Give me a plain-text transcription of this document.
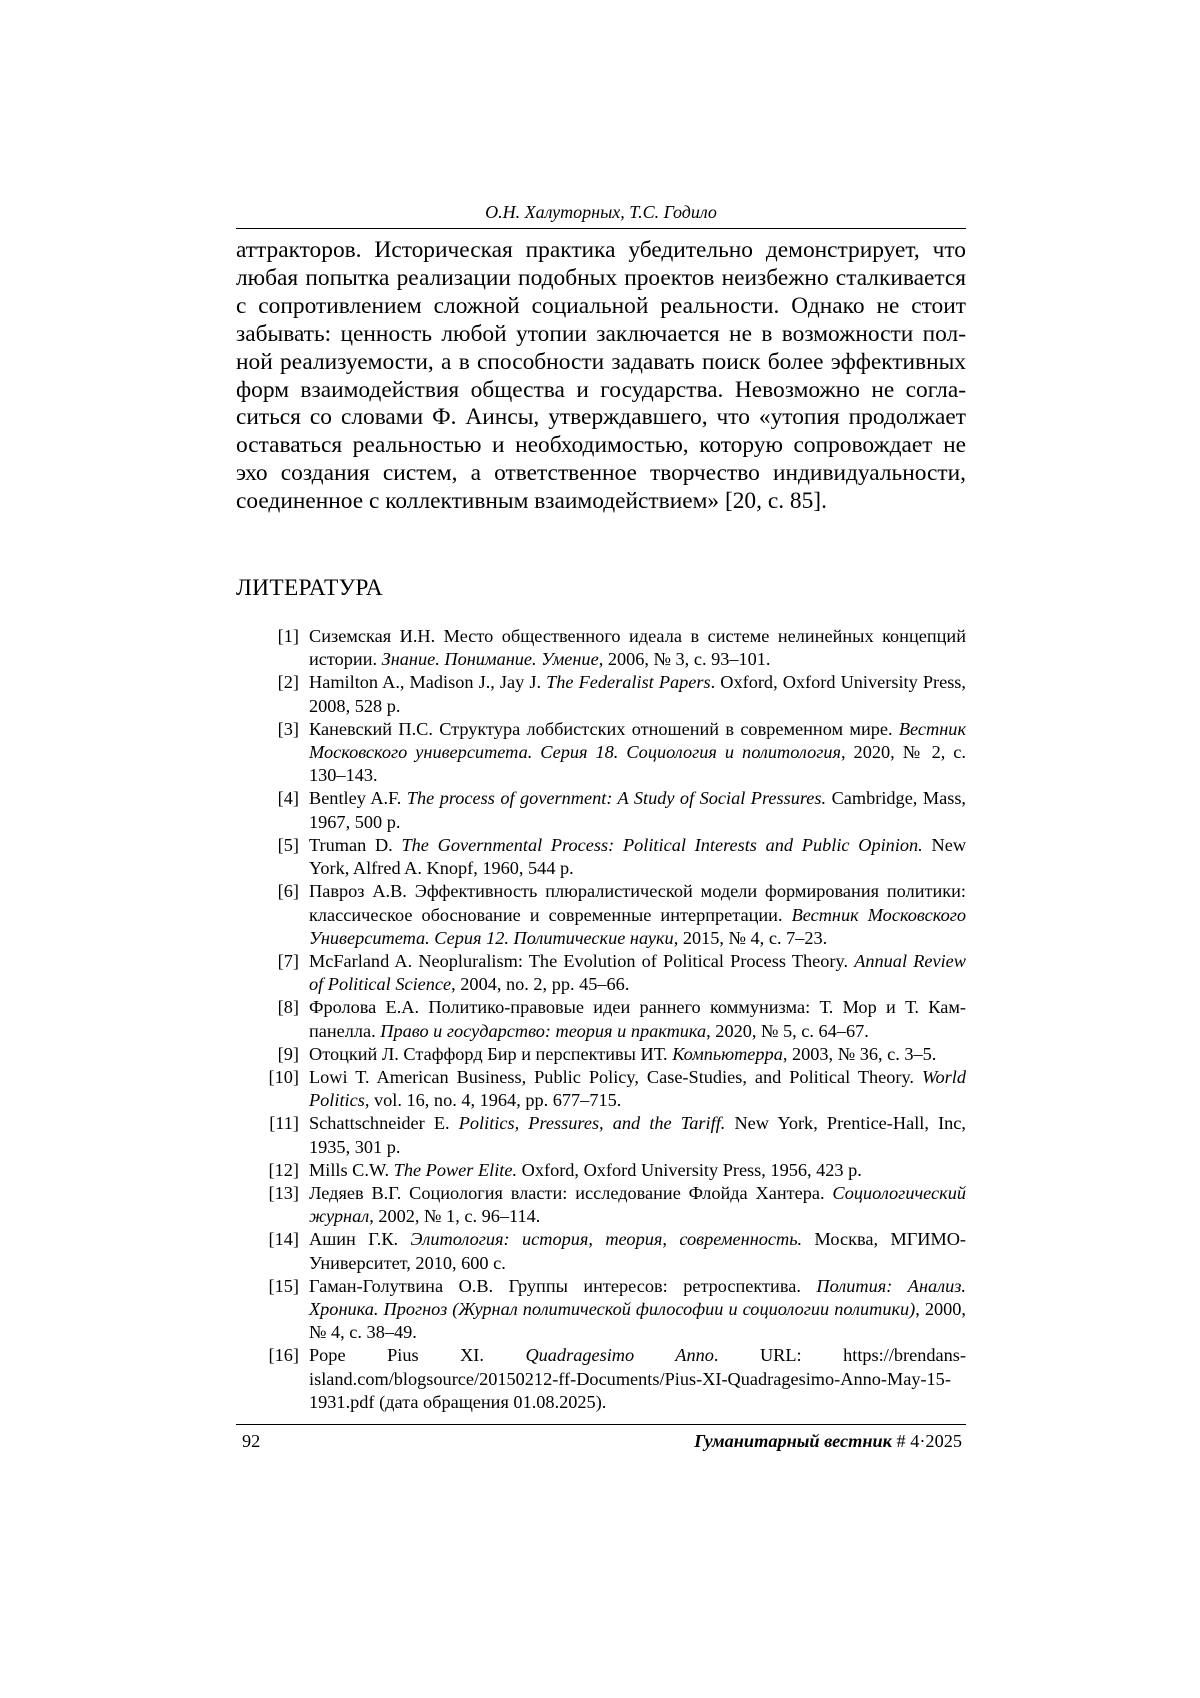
О.Н. Халуторных, Т.С. Годило

аттракторов. Историческая практика убедительно демонстрирует, что любая попытка реализации подобных проектов неизбежно сталкивается с сопротивлением сложной социальной реальности. Однако не стоит забывать: ценность любой утопии заключается не в возможности полной реализуемости, а в способности задавать поиск более эффективных форм взаимодействия общества и государства. Невозможно не согласиться со словами Ф. Аинсы, утверждавшего, что «утопия продолжает оставаться реальностью и необходимостью, которую сопровождает не эхо создания систем, а ответственное творчество индивидуальности, соединенное с коллективным взаимодействием» [20, с. 85].

ЛИТЕРАТУРА
[1] Сиземская И.Н. Место общественного идеала в системе нелинейных концепций истории. Знание. Понимание. Умение, 2006, № 3, с. 93–101.
[2] Hamilton A., Madison J., Jay J. The Federalist Papers. Oxford, Oxford University Press, 2008, 528 p.
[3] Каневский П.С. Структура лоббистских отношений в современном мире. Вестник Московского университета. Серия 18. Социология и политология, 2020, № 2, с. 130–143.
[4] Bentley A.F. The process of government: A Study of Social Pressures. Cambridge, Mass, 1967, 500 p.
[5] Truman D. The Governmental Process: Political Interests and Public Opinion. New York, Alfred A. Knopf, 1960, 544 p.
[6] Павроз А.В. Эффективность плюралистической модели формирования политики: классическое обоснование и современные интерпретации. Вестник Московского Университета. Серия 12. Политические науки, 2015, № 4, с. 7–23.
[7] McFarland A. Neopluralism: The Evolution of Political Process Theory. Annual Review of Political Science, 2004, no. 2, pp. 45–66.
[8] Фролова Е.А. Политико-правовые идеи раннего коммунизма: Т. Мор и Т. Кампанелла. Право и государство: теория и практика, 2020, № 5, с. 64–67.
[9] Отоцкий Л. Стаффорд Бир и перспективы ИТ. Компьютерра, 2003, № 36, с. 3–5.
[10] Lowi T. American Business, Public Policy, Case-Studies, and Political Theory. World Politics, vol. 16, no. 4, 1964, pp. 677–715.
[11] Schattschneider E. Politics, Pressures, and the Tariff. New York, Prentice-Hall, Inc, 1935, 301 p.
[12] Mills C.W. The Power Elite. Oxford, Oxford University Press, 1956, 423 p.
[13] Ледяев В.Г. Социология власти: исследование Флойда Хантера. Социологический журнал, 2002, № 1, с. 96–114.
[14] Ашин Г.К. Элитология: история, теория, современность. Москва, МГИМО-Университет, 2010, 600 с.
[15] Гаман-Голутвина О.В. Группы интересов: ретроспектива. Полития: Анализ. Хроника. Прогноз (Журнал политической философии и социологии политики), 2000, № 4, с. 38–49.
[16] Pope Pius XI. Quadragesimo Anno. URL: https://brendans-island.com/blogsource/20150212-ff-Documents/Pius-XI-Quadragesimo-Anno-May-15-1931.pdf (дата обращения 01.08.2025).
92	Гуманитарный вестник # 4·2025
